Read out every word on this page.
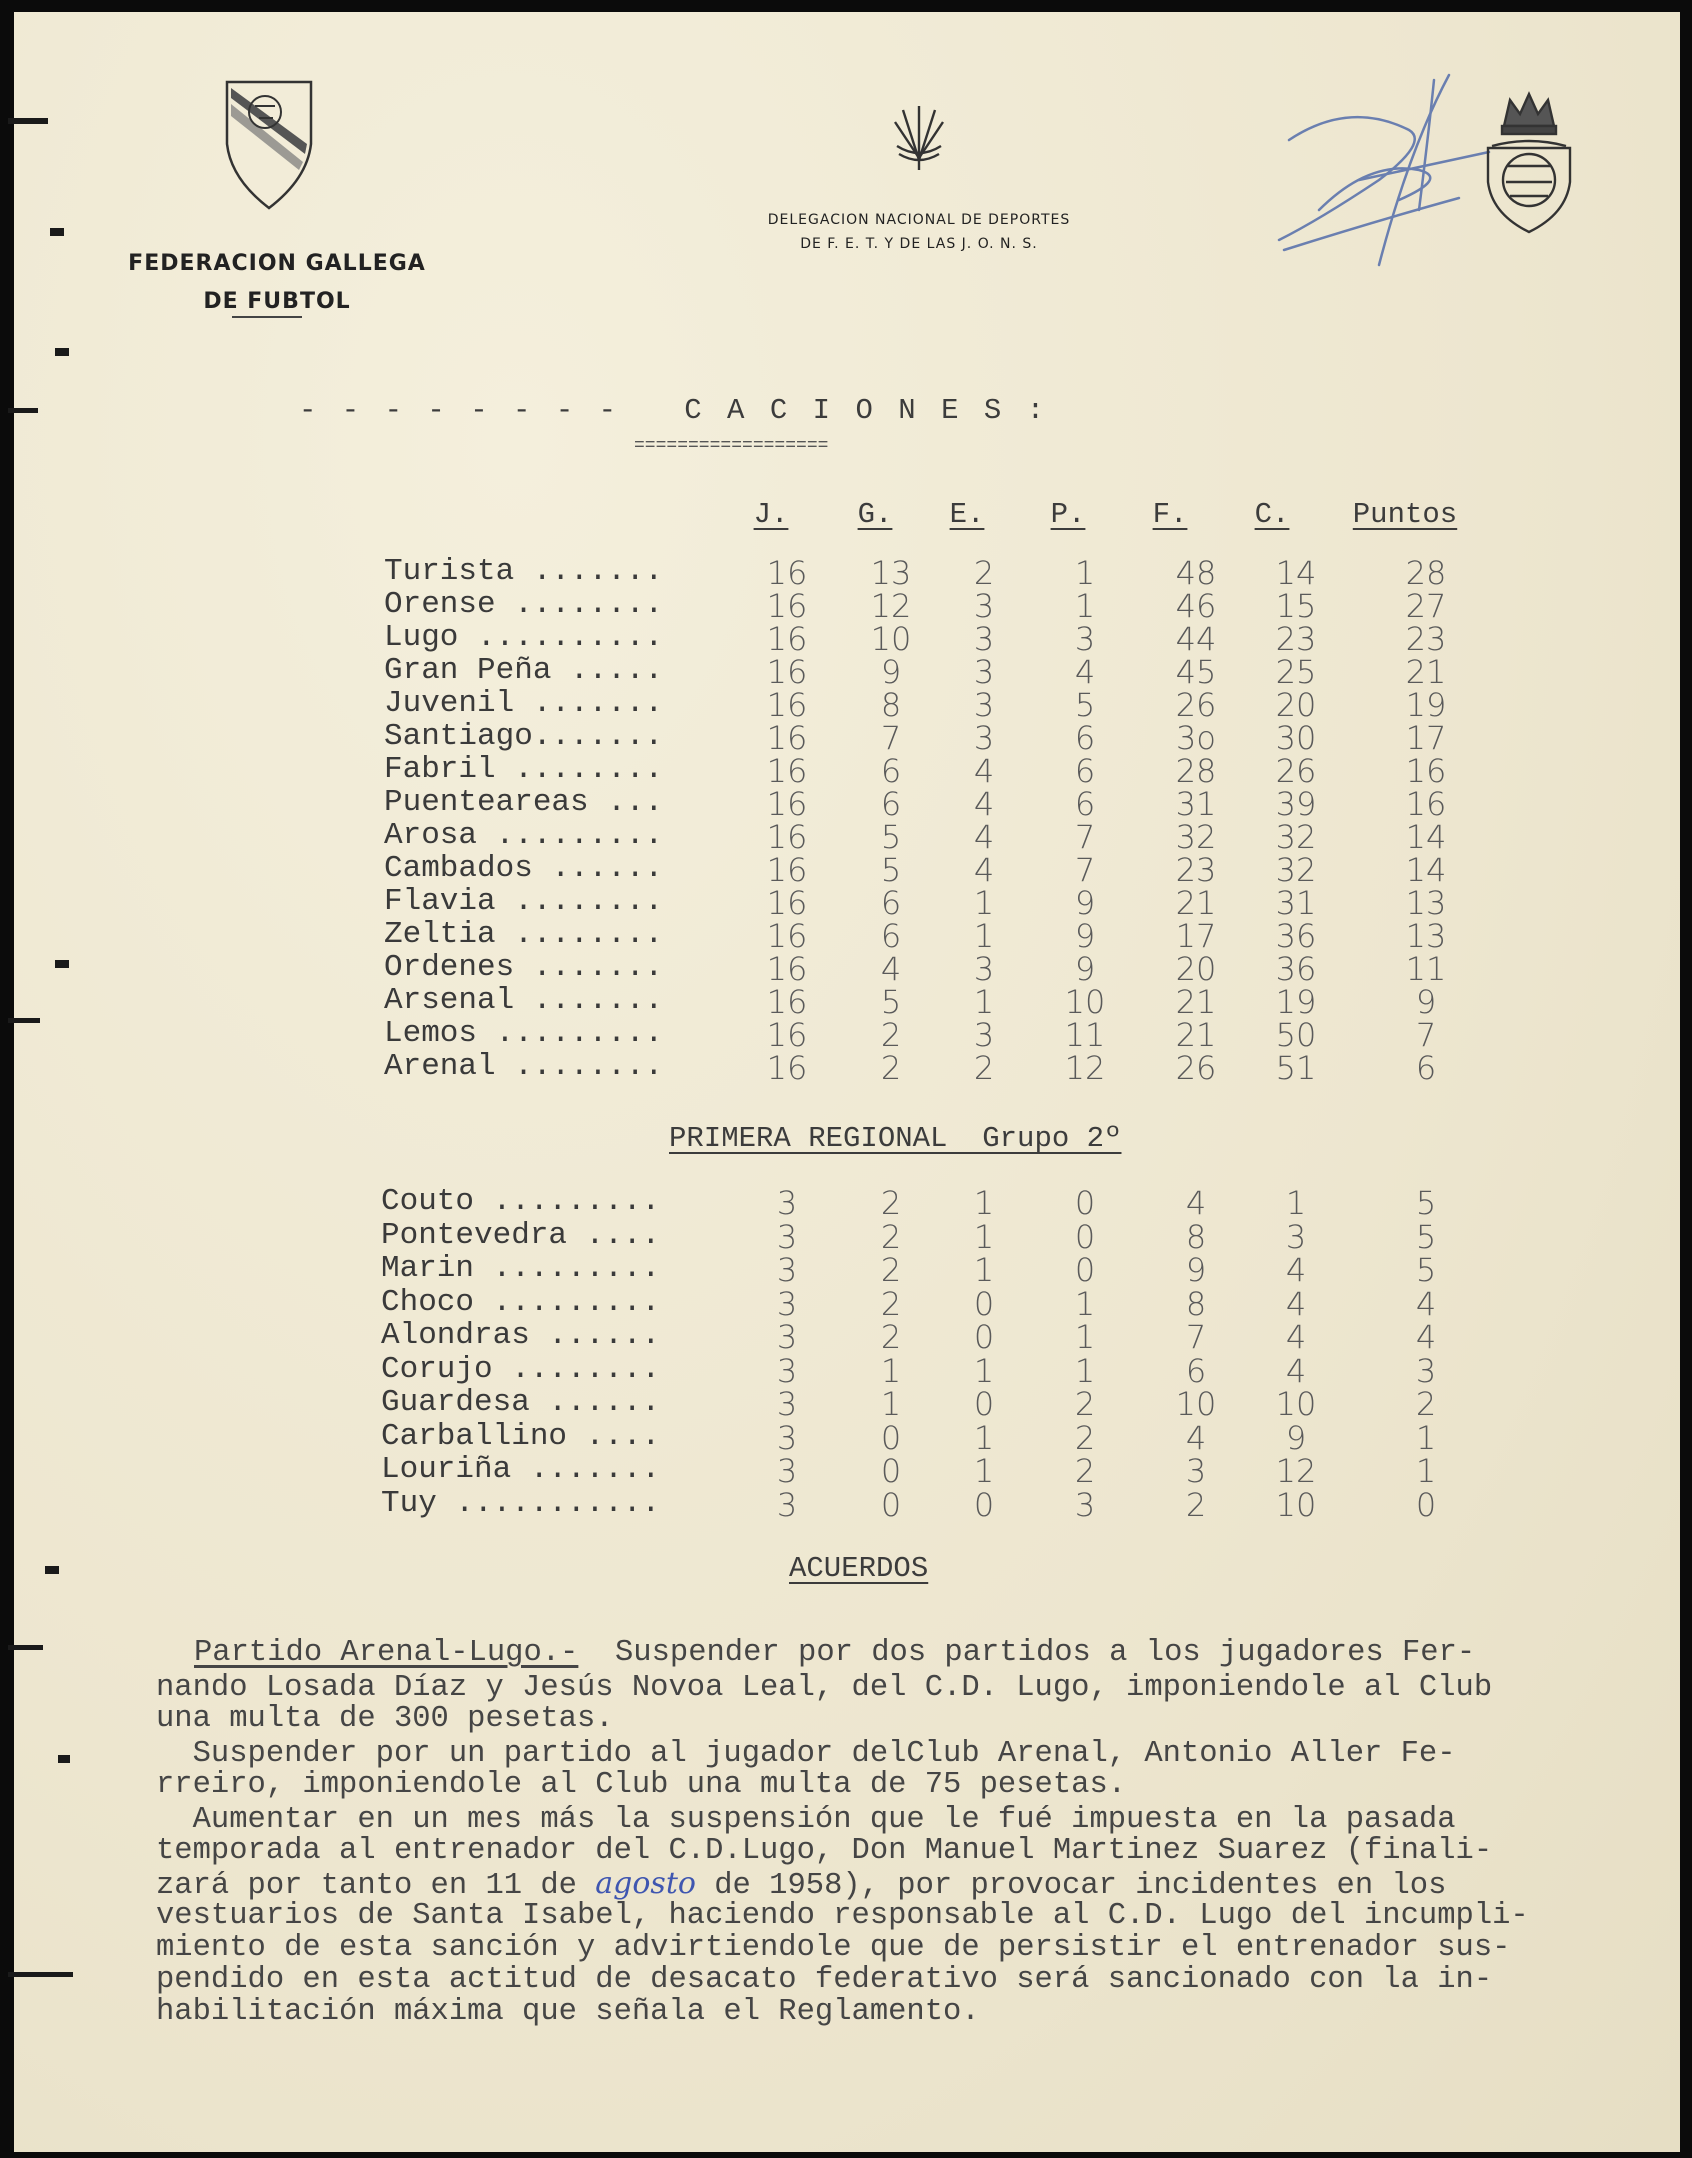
FEDERACION GALLEGA
DE FUBTOL
DELEGACION NACIONAL DE DEPORTES
DE F. E. T. Y DE LAS J. O. N. S.
- - - - - - - -   C A C I O N E S :
==================
J.	G.	E.	P.	F.	C.	Puntos
Turista .......	16	13	2	1	48	14	28
Orense ........	16	12	3	1	46	15	27
Lugo ..........	16	10	3	3	44	23	23
Gran Peña .....	16	9	3	4	45	25	21
Juvenil .......	16	8	3	5	26	20	19
Santiago.......	16	7	3	6	3o	30	17
Fabril ........	16	6	4	6	28	26	16
Puenteareas ...	16	6	4	6	31	39	16
Arosa .........	16	5	4	7	32	32	14
Cambados ......	16	5	4	7	23	32	14
Flavia ........	16	6	1	9	21	31	13
Zeltia ........	16	6	1	9	17	36	13
Ordenes .......	16	4	3	9	20	36	11
Arsenal .......	16	5	1	10	21	19	9
Lemos .........	16	2	3	11	21	50	7
Arenal ........	16	2	2	12	26	51	6
PRIMERA REGIONAL  Grupo 2º
Couto .........	3	2	1	0	4	1	5
Pontevedra ....	3	2	1	0	8	3	5
Marin .........	3	2	1	0	9	4	5
Choco .........	3	2	0	1	8	4	4
Alondras ......	3	2	0	1	7	4	4
Corujo ........	3	1	1	1	6	4	3
Guardesa ......	3	1	0	2	10	10	2
Carballino ....	3	0	1	2	4	9	1
Louriña .......	3	0	1	2	3	12	1
Tuy ...........	3	0	0	3	2	10	0
ACUERDOS
Partido Arenal-Lugo.-  Suspender por dos partidos a los jugadores Fer-
nando Losada Díaz y Jesús Novoa Leal, del C.D. Lugo, imponiendole al Club
una multa de 300 pesetas.
Suspender por un partido al jugador delClub Arenal, Antonio Aller Fe-
rreiro, imponiendole al Club una multa de 75 pesetas.
Aumentar en un mes más la suspensión que le fué impuesta en la pasada
temporada al entrenador del C.D.Lugo, Don Manuel Martinez Suarez (finali-
zará por tanto en 11 de agosto de 1958), por provocar incidentes en los
vestuarios de Santa Isabel, haciendo responsable al C.D. Lugo del incumpli-
miento de esta sanción y advirtiendole que de persistir el entrenador sus-
pendido en esta actitud de desacato federativo será sancionado con la in-
habilitación máxima que señala el Reglamento.
